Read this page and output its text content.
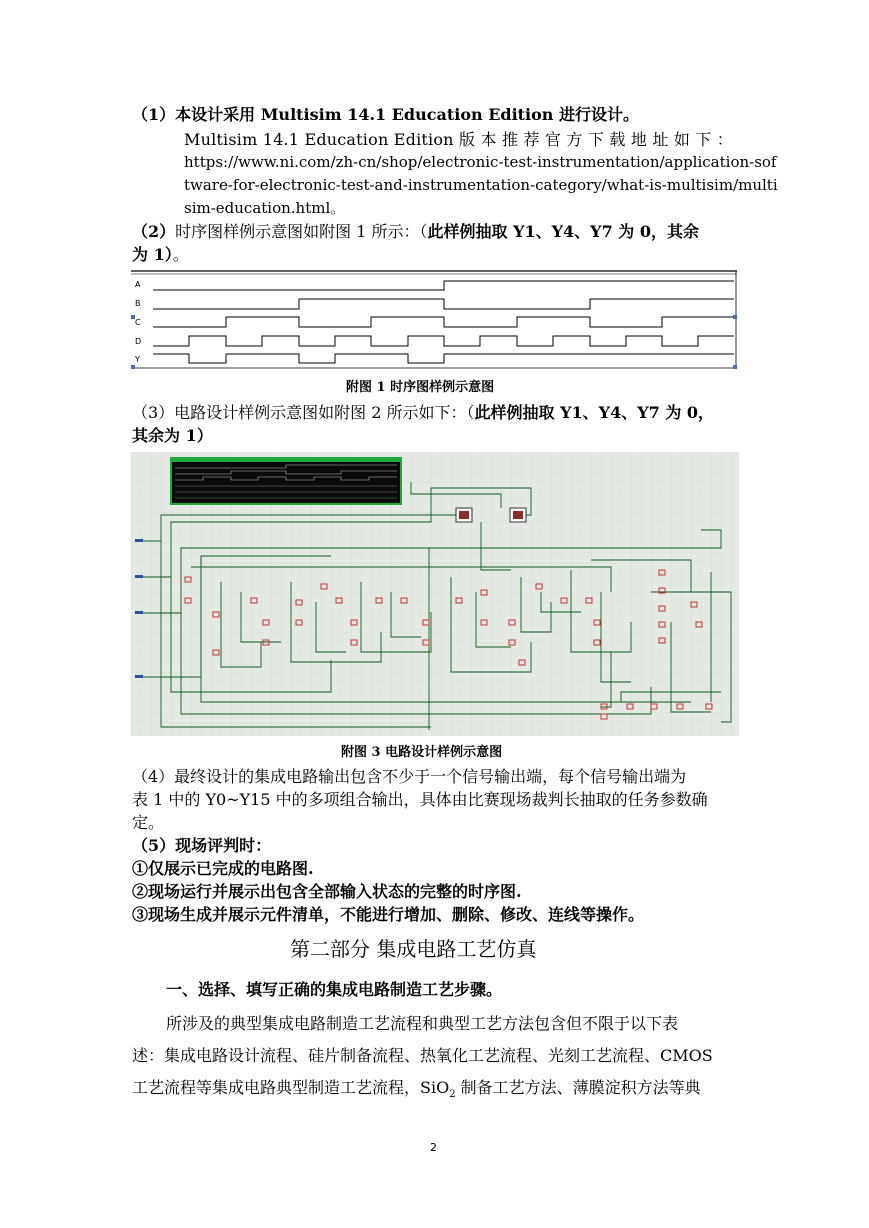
（1）本设计采用 Multisim 14.1 Education Edition 进行设计。
Multisim 14.1 Education Edition 版 本 推 荐 官 方 下 载 地 址 如 下 ：
https://www.ni.com/zh-cn/shop/electronic-test-instrumentation/application-sof
tware-for-electronic-test-and-instrumentation-category/what-is-multisim/multi
sim-education.html。
（2）时序图样例示意图如附图 1 所示：（此样例抽取 Y1、Y4、Y7 为 0，其余
为 1）。
A
B
C
D
Y
附图 1 时序图样例示意图
（3）电路设计样例示意图如附图 2 所示如下：（此样例抽取 Y1、Y4、Y7 为 0，
其余为 1）
附图 3 电路设计样例示意图
（4）最终设计的集成电路输出包含不少于一个信号输出端，每个信号输出端为
表 1 中的 Y0~Y15 中的多项组合输出，具体由比赛现场裁判长抽取的任务参数确
定。
（5）现场评判时：
①仅展示已完成的电路图.
②现场运行并展示出包含全部输入状态的完整的时序图.
③现场生成并展示元件清单，不能进行增加、删除、修改、连线等操作。
第二部分 集成电路工艺仿真
一、选择、填写正确的集成电路制造工艺步骤。
所涉及的典型集成电路制造工艺流程和典型工艺方法包含但不限于以下表
述：集成电路设计流程、硅片制备流程、热氧化工艺流程、光刻工艺流程、CMOS
工艺流程等集成电路典型制造工艺流程，SiO$_2$ 制备工艺方法、薄膜淀积方法等典
2
